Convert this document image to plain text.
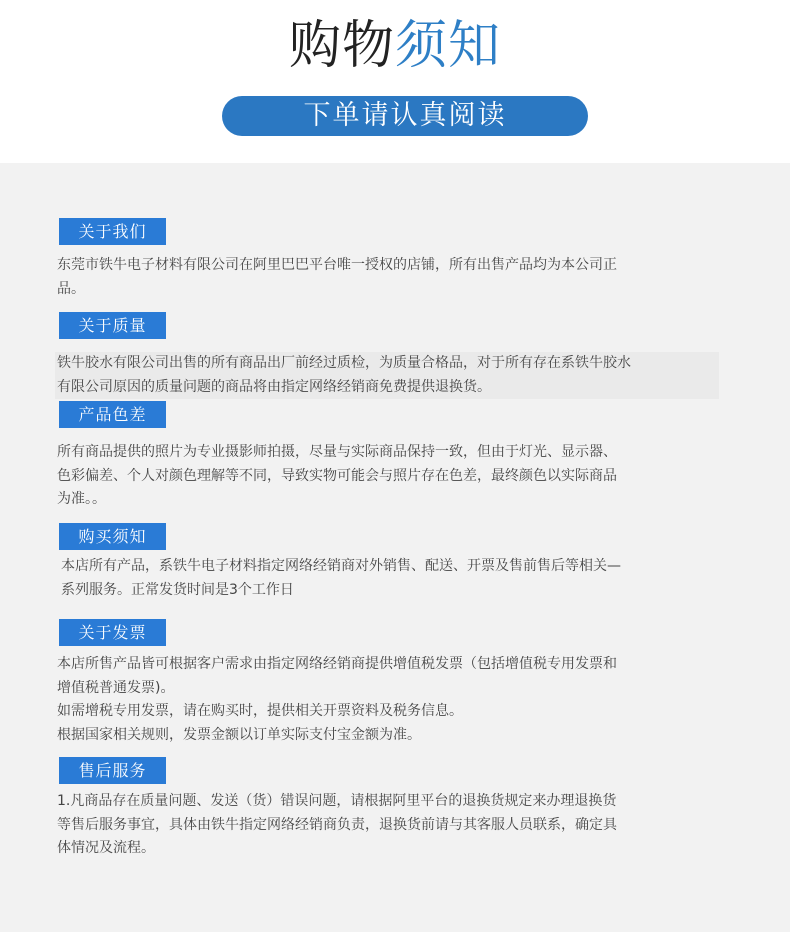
购物须知
下单请认真阅读
关于我们

东莞市铁牛电子材料有限公司在阿里巴巴平台唯一授权的店铺，所有出售产品均为本公司正

品。

关于质量

铁牛胶水有限公司出售的所有商品出厂前经过质检，为质量合格品，对于所有存在系铁牛胶水

有限公司原因的质量问题的商品将由指定网络经销商免费提供退换货。

产品色差

所有商品提供的照片为专业摄影师拍摄，尽量与实际商品保持一致，但由于灯光、显示器、

色彩偏差、个人对颜色理解等不同，导致实物可能会与照片存在色差，最终颜色以实际商品

为准。。

购买须知

本店所有产品，系铁牛电子材料指定网络经销商对外销售、配送、开票及售前售后等相关—

系列服务。正常发货时间是3个工作日

关于发票

本店所售产品皆可根据客户需求由指定网络经销商提供增值税发票（包括增值税专用发票和

增值税普通发票)。

如需增税专用发票，请在购买时，提供相关开票资料及税务信息。

根据国家相关规则，发票金额以订单实际支付宝金额为准。

售后服务

1.凡商品存在质量问题、发送（货）错误问题，请根据阿里平台的退换货规定来办理退换货

等售后服务事宜，具体由铁牛指定网络经销商负责，退换货前请与其客服人员联系，确定具

体情况及流程。
